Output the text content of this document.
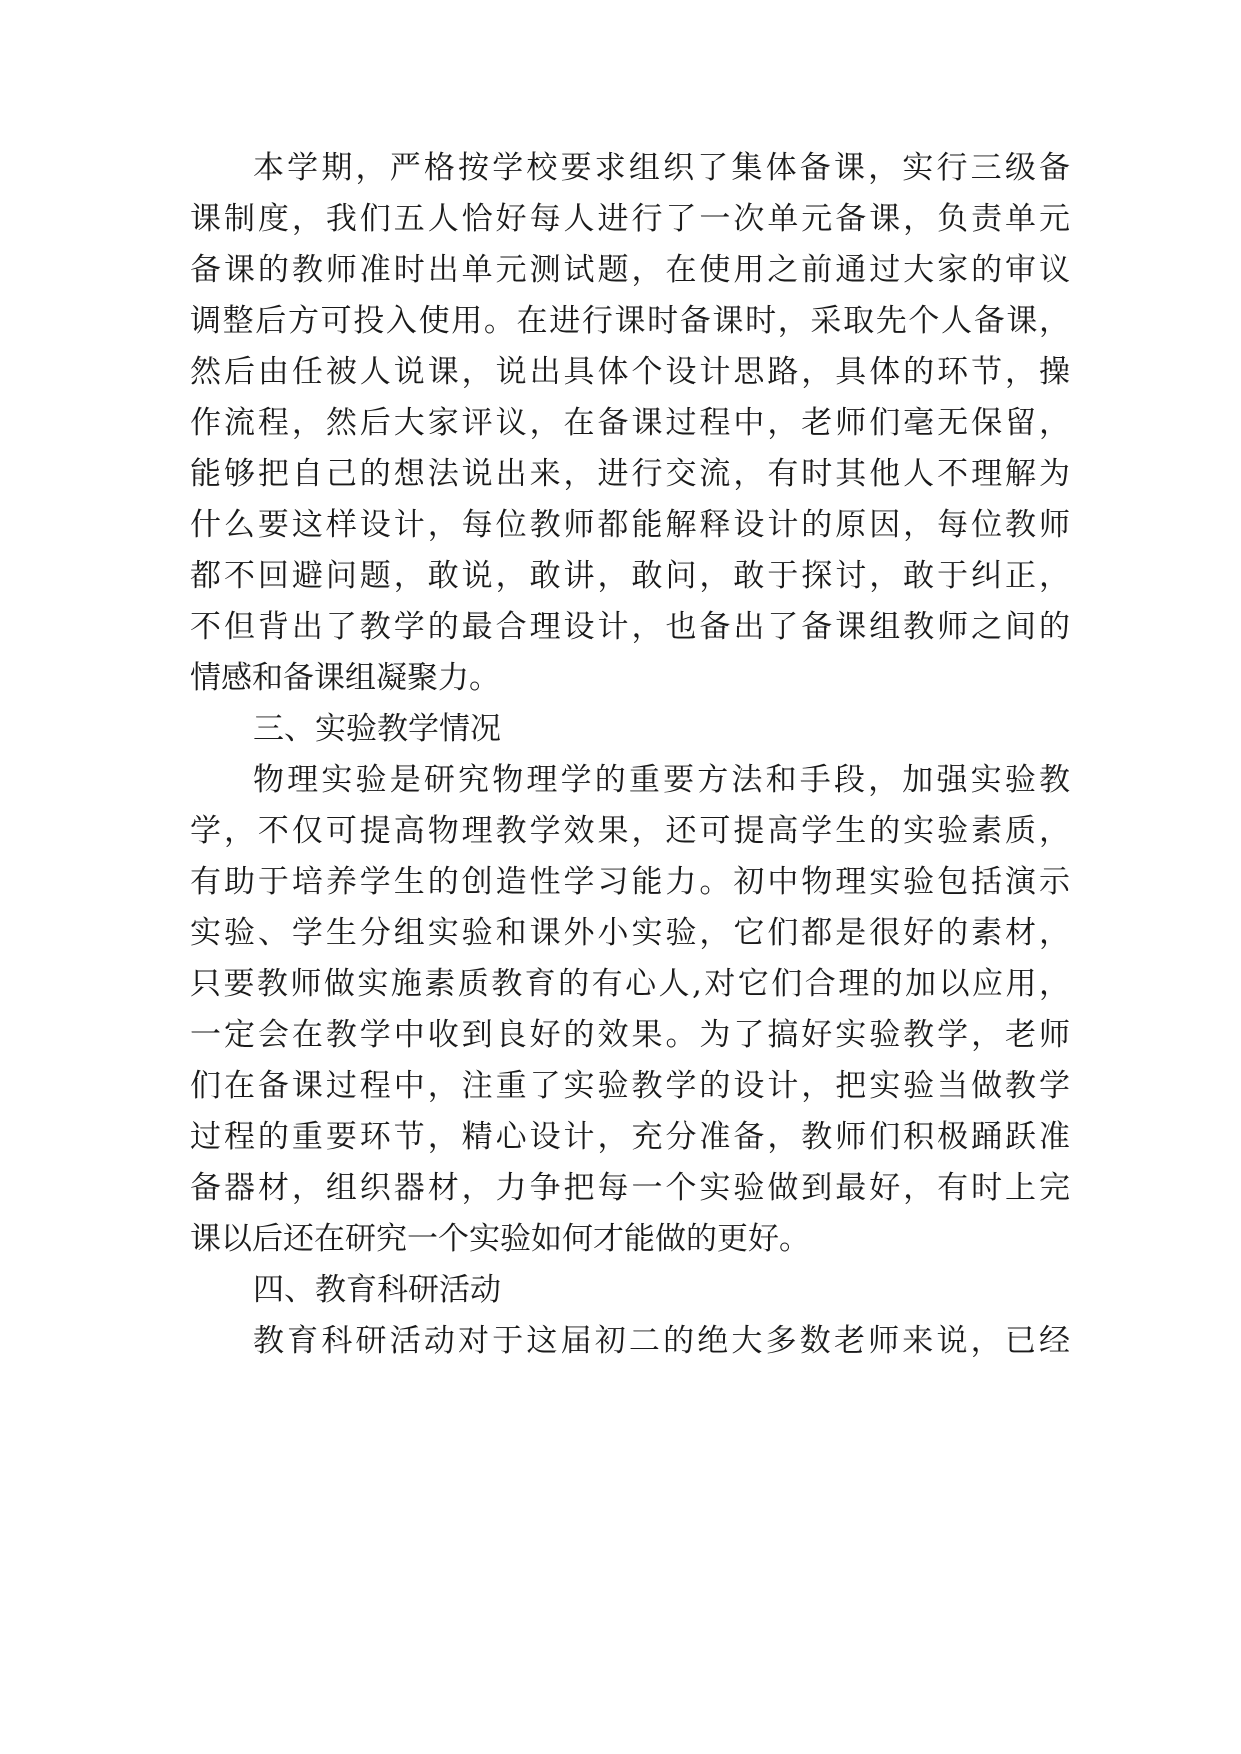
本学期，严格按学校要求组织了集体备课，实行三级备
课制度，我们五人恰好每人进行了一次单元备课，负责单元
备课的教师准时出单元测试题，在使用之前通过大家的审议
调整后方可投入使用。在进行课时备课时，采取先个人备课，
然后由任被人说课，说出具体个设计思路，具体的环节，操
作流程，然后大家评议，在备课过程中，老师们毫无保留，
能够把自己的想法说出来，进行交流，有时其他人不理解为
什么要这样设计，每位教师都能解释设计的原因，每位教师
都不回避问题，敢说，敢讲，敢问，敢于探讨，敢于纠正，
不但背出了教学的最合理设计，也备出了备课组教师之间的
情感和备课组凝聚力。
三、实验教学情况
物理实验是研究物理学的重要方法和手段，加强实验教
学，不仅可提高物理教学效果，还可提高学生的实验素质，
有助于培养学生的创造性学习能力。初中物理实验包括演示
实验、学生分组实验和课外小实验，它们都是很好的素材，
只要教师做实施素质教育的有心人,对它们合理的加以应用，
一定会在教学中收到良好的效果。为了搞好实验教学，老师
们在备课过程中，注重了实验教学的设计，把实验当做教学
过程的重要环节，精心设计，充分准备，教师们积极踊跃准
备器材，组织器材，力争把每一个实验做到最好，有时上完
课以后还在研究一个实验如何才能做的更好。
四、教育科研活动
教育科研活动对于这届初二的绝大多数老师来说，已经
